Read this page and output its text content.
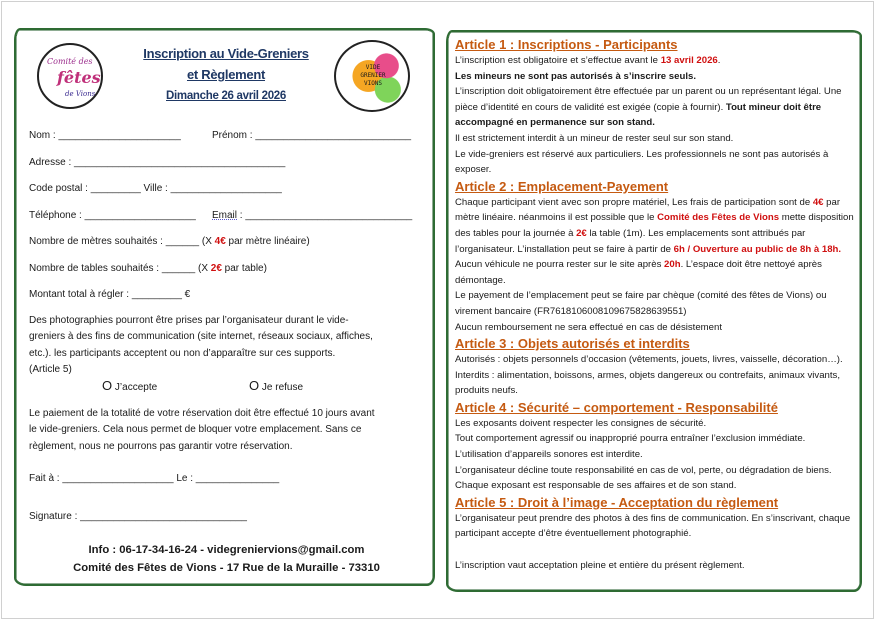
Comité des
fêtes
de Vions
Inscription au Vide-Greniers
et Règlement
Dimanche 26 avril 2026
VIDE
GRENIER
VIONS
Nom : ______________________	Prénom : ____________________________
Adresse : ______________________________________
Code postal : _________ Ville : ____________________
Téléphone : ____________________ Email : ______________________________
Nombre de mètres souhaités : ______ (X 4€ par mètre linéaire)
Nombre de tables souhaités : ______ (X 2€ par table)
Montant total à régler : _________ €
Des photographies pourront être prises par l’organisateur durant le vide-
greniers à des fins de communication (site internet, réseaux sociaux, affiches,
etc.). les participants acceptent ou non d’apparaître sur ces supports.
(Article 5)
O J’accepte	O Je refuse
Le paiement de la totalité de votre réservation doit être effectué 10 jours avant
le vide-greniers. Cela nous permet de bloquer votre emplacement. Sans ce
règlement, nous ne pourrons pas garantir votre réservation.
Fait à : ____________________ Le : _______________
Signature : ______________________________
Info : 06-17-34-16-24 - videgreniervions@gmail.com
Comité des Fêtes de Vions - 17 Rue de la Muraille - 73310
Article 1 : Inscriptions - Participants
L’inscription est obligatoire et s’effectue avant le 13 avril 2026.
Les mineurs ne sont pas autorisés à s’inscrire seuls.
L’inscription doit obligatoirement être effectuée par un parent ou un représentant légal. Une pièce d’identité en cours de validité est exigée (copie à fournir). Tout mineur doit être accompagné en permanence sur son stand.
Il est strictement interdit à un mineur de rester seul sur son stand.
Le vide-greniers est réservé aux particuliers. Les professionnels ne sont pas autorisés à exposer.
Article 2 : Emplacement-Payement
Chaque participant vient avec son propre matériel, Les frais de participation sont de 4€ par mètre linéaire. néanmoins il est possible que le Comité des Fêtes de Vions mette disposition des tables pour la journée à 2€ la table (1m). Les emplacements sont attribués par l’organisateur. L’installation peut se faire à partir de 6h / Ouverture au public de 8h à 18h. Aucun véhicule ne pourra rester sur le site après 20h. L’espace doit être nettoyé après démontage.
Le payement de l’emplacement peut se faire par chèque (comité des fêtes de Vions) ou virement bancaire (FR7618106008109675828639551)
Aucun remboursement ne sera effectué en cas de désistement
Article 3 : Objets autorisés et interdits
Autorisés : objets personnels d’occasion (vêtements, jouets, livres, vaisselle, décoration…).
Interdits : alimentation, boissons, armes, objets dangereux ou contrefaits, animaux vivants, produits neufs.
Article 4 : Sécurité – comportement - Responsabilité
Les exposants doivent respecter les consignes de sécurité.
Tout comportement agressif ou inapproprié pourra entraîner l’exclusion immédiate.
L’utilisation d’appareils sonores est interdite.
L’organisateur décline toute responsabilité en cas de vol, perte, ou dégradation de biens. Chaque exposant est responsable de ses affaires et de son stand.
Article 5 : Droit à l’image - Acceptation du règlement
L’organisateur peut prendre des photos à des fins de communication. En s’inscrivant, chaque participant accepte d’être éventuellement photographié.
L’inscription vaut acceptation pleine et entière du présent règlement.
